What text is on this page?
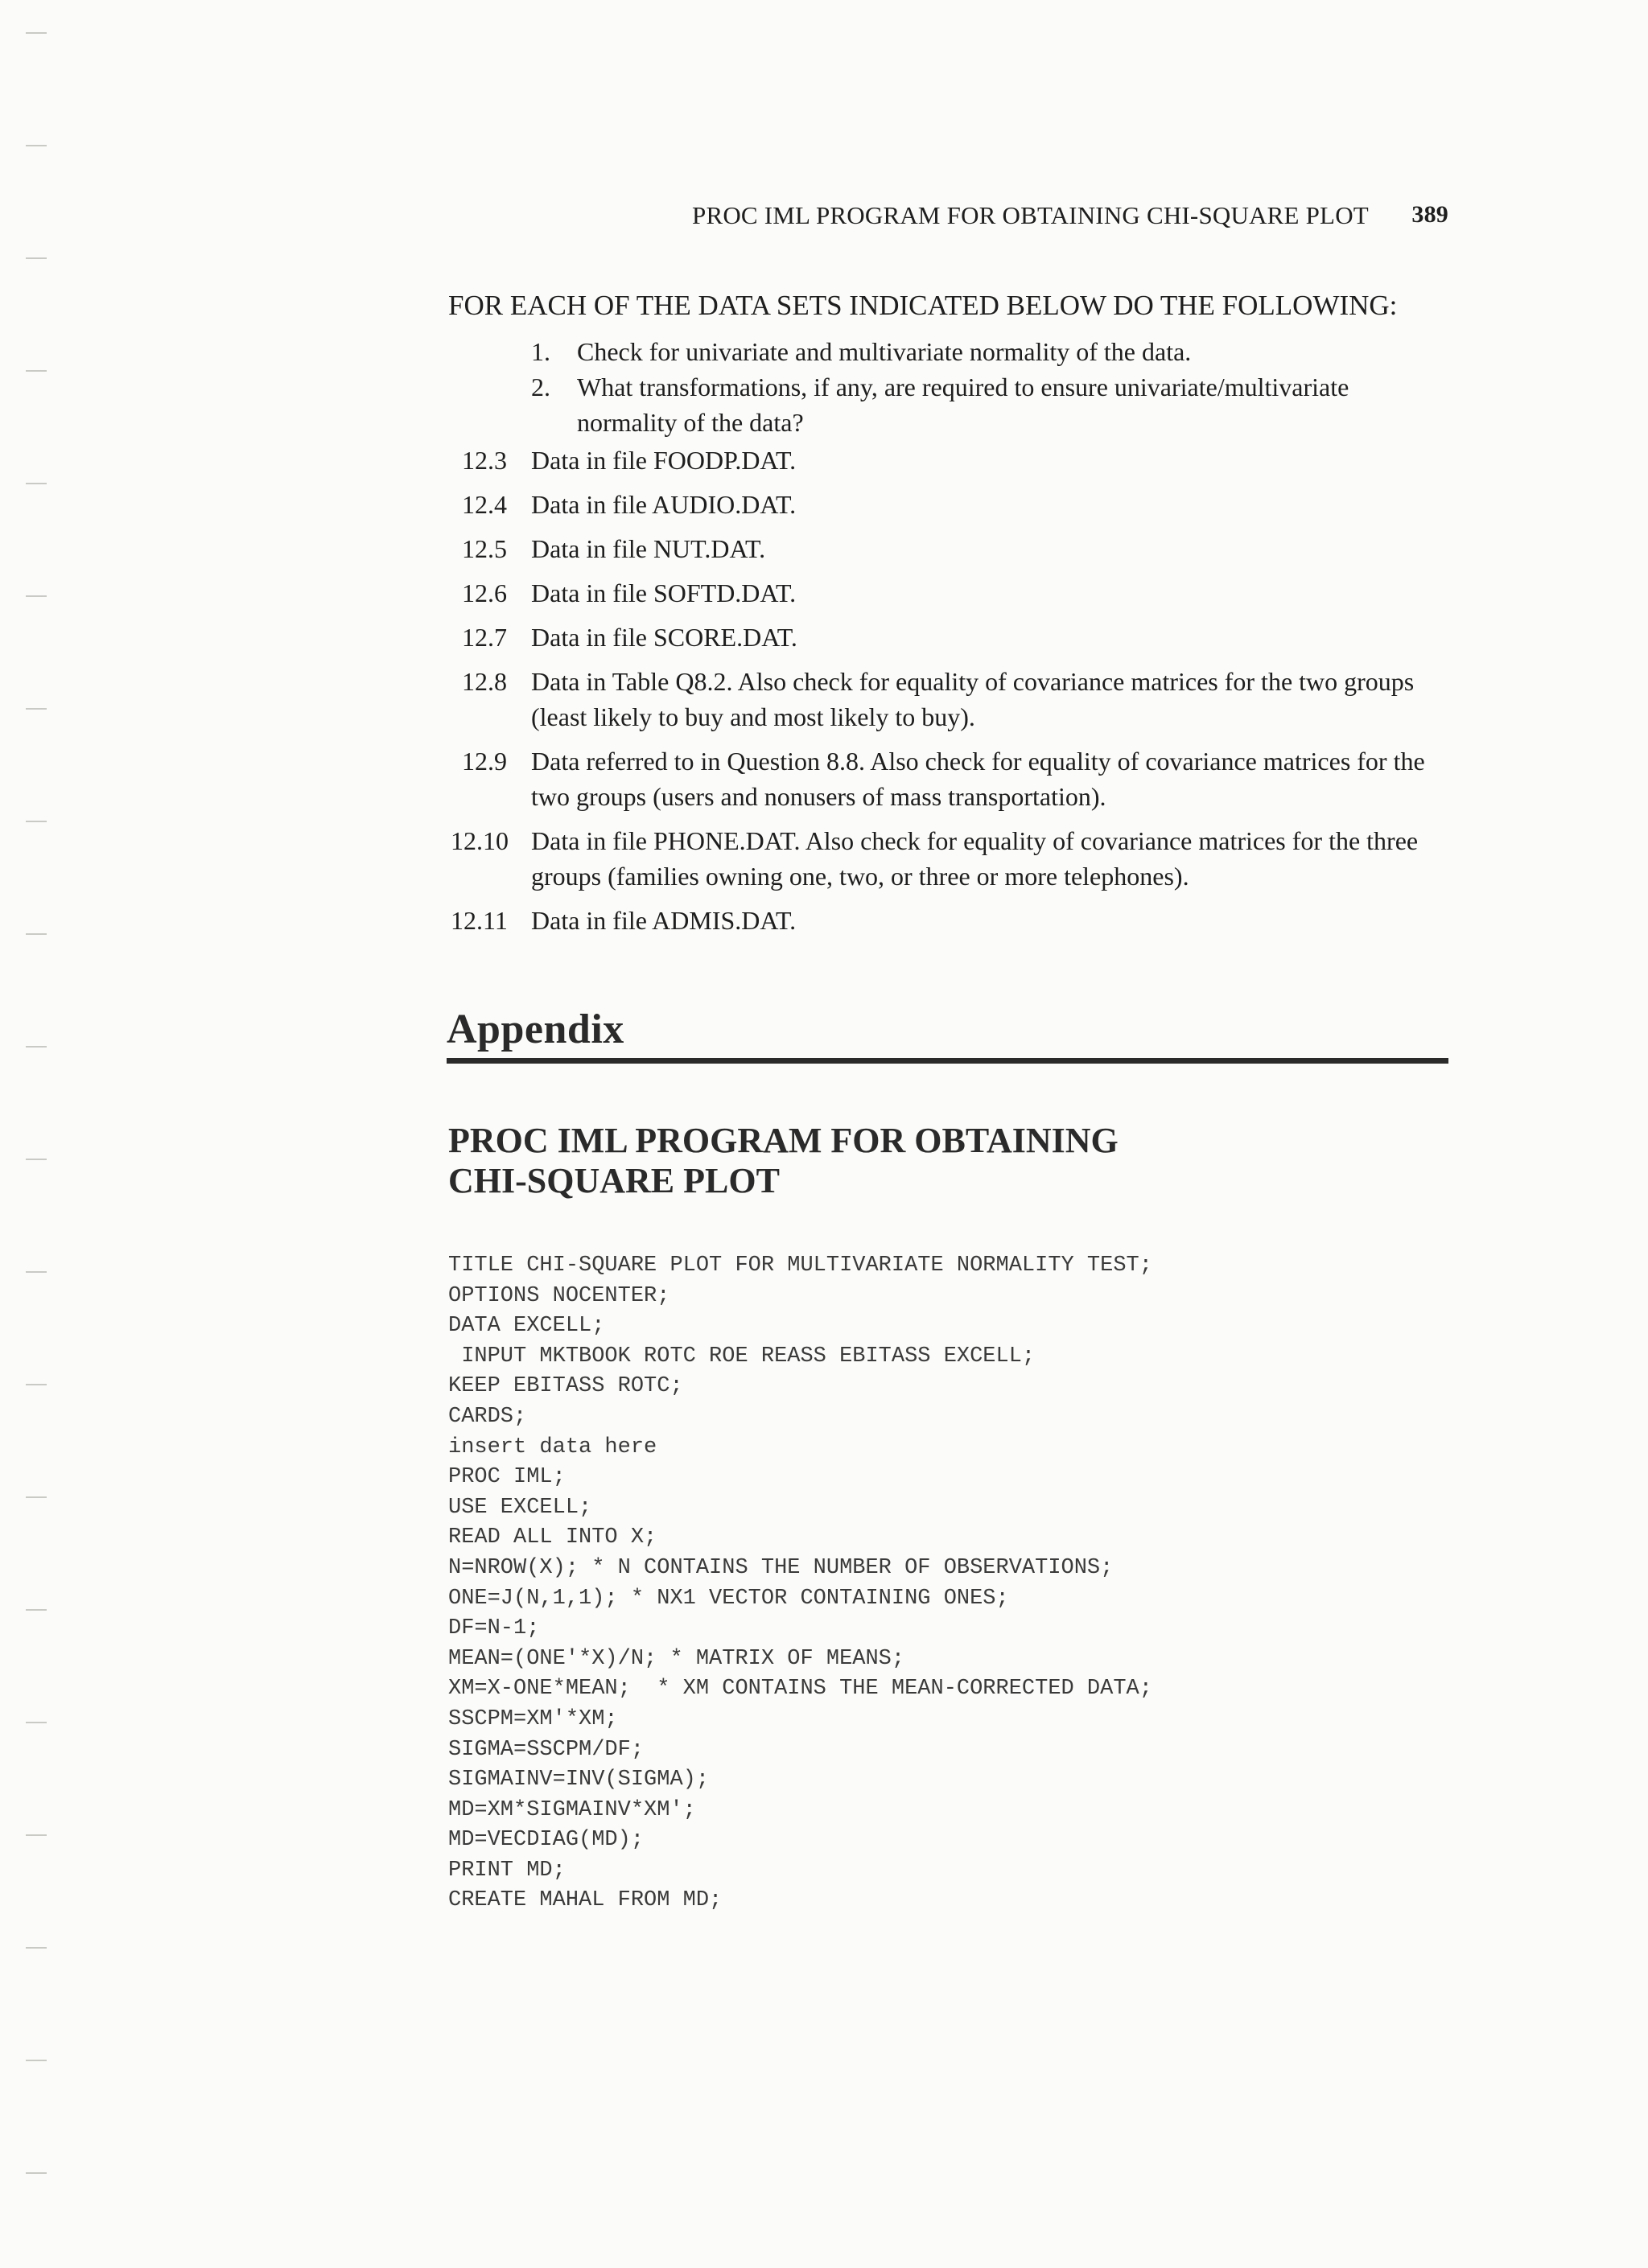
PROC IML PROGRAM FOR OBTAINING CHI-SQUARE PLOT 389
FOR EACH OF THE DATA SETS INDICATED BELOW DO THE FOLLOWING:
1. Check for univariate and multivariate normality of the data.
2. What transformations, if any, are required to ensure univariate/multivariate normality of the data?
12.3 Data in file FOODP.DAT.
12.4 Data in file AUDIO.DAT.
12.5 Data in file NUT.DAT.
12.6 Data in file SOFTD.DAT.
12.7 Data in file SCORE.DAT.
12.8 Data in Table Q8.2. Also check for equality of covariance matrices for the two groups (least likely to buy and most likely to buy).
12.9 Data referred to in Question 8.8. Also check for equality of covariance matrices for the two groups (users and nonusers of mass transportation).
12.10 Data in file PHONE.DAT. Also check for equality of covariance matrices for the three groups (families owning one, two, or three or more telephones).
12.11 Data in file ADMIS.DAT.
Appendix
PROC IML PROGRAM FOR OBTAINING
CHI-SQUARE PLOT
TITLE CHI-SQUARE PLOT FOR MULTIVARIATE NORMALITY TEST;
OPTIONS NOCENTER;
DATA EXCELL;
INPUT MKTBOOK ROTC ROE REASS EBITASS EXCELL;
KEEP EBITASS ROTC;
CARDS;
insert data here
PROC IML;
USE EXCELL;
READ ALL INTO X;
N=NROW(X); * N CONTAINS THE NUMBER OF OBSERVATIONS;
ONE=J(N,1,1); * NX1 VECTOR CONTAINING ONES;
DF=N-1;
MEAN=(ONE'*X)/N; * MATRIX OF MEANS;
XM=X-ONE*MEAN;  * XM CONTAINS THE MEAN-CORRECTED DATA;
SSCPM=XM'*XM;
SIGMA=SSCPM/DF;
SIGMAINV=INV(SIGMA);
MD=XM*SIGMAINV*XM';
MD=VECDIAG(MD);
PRINT MD;
CREATE MAHAL FROM MD;
